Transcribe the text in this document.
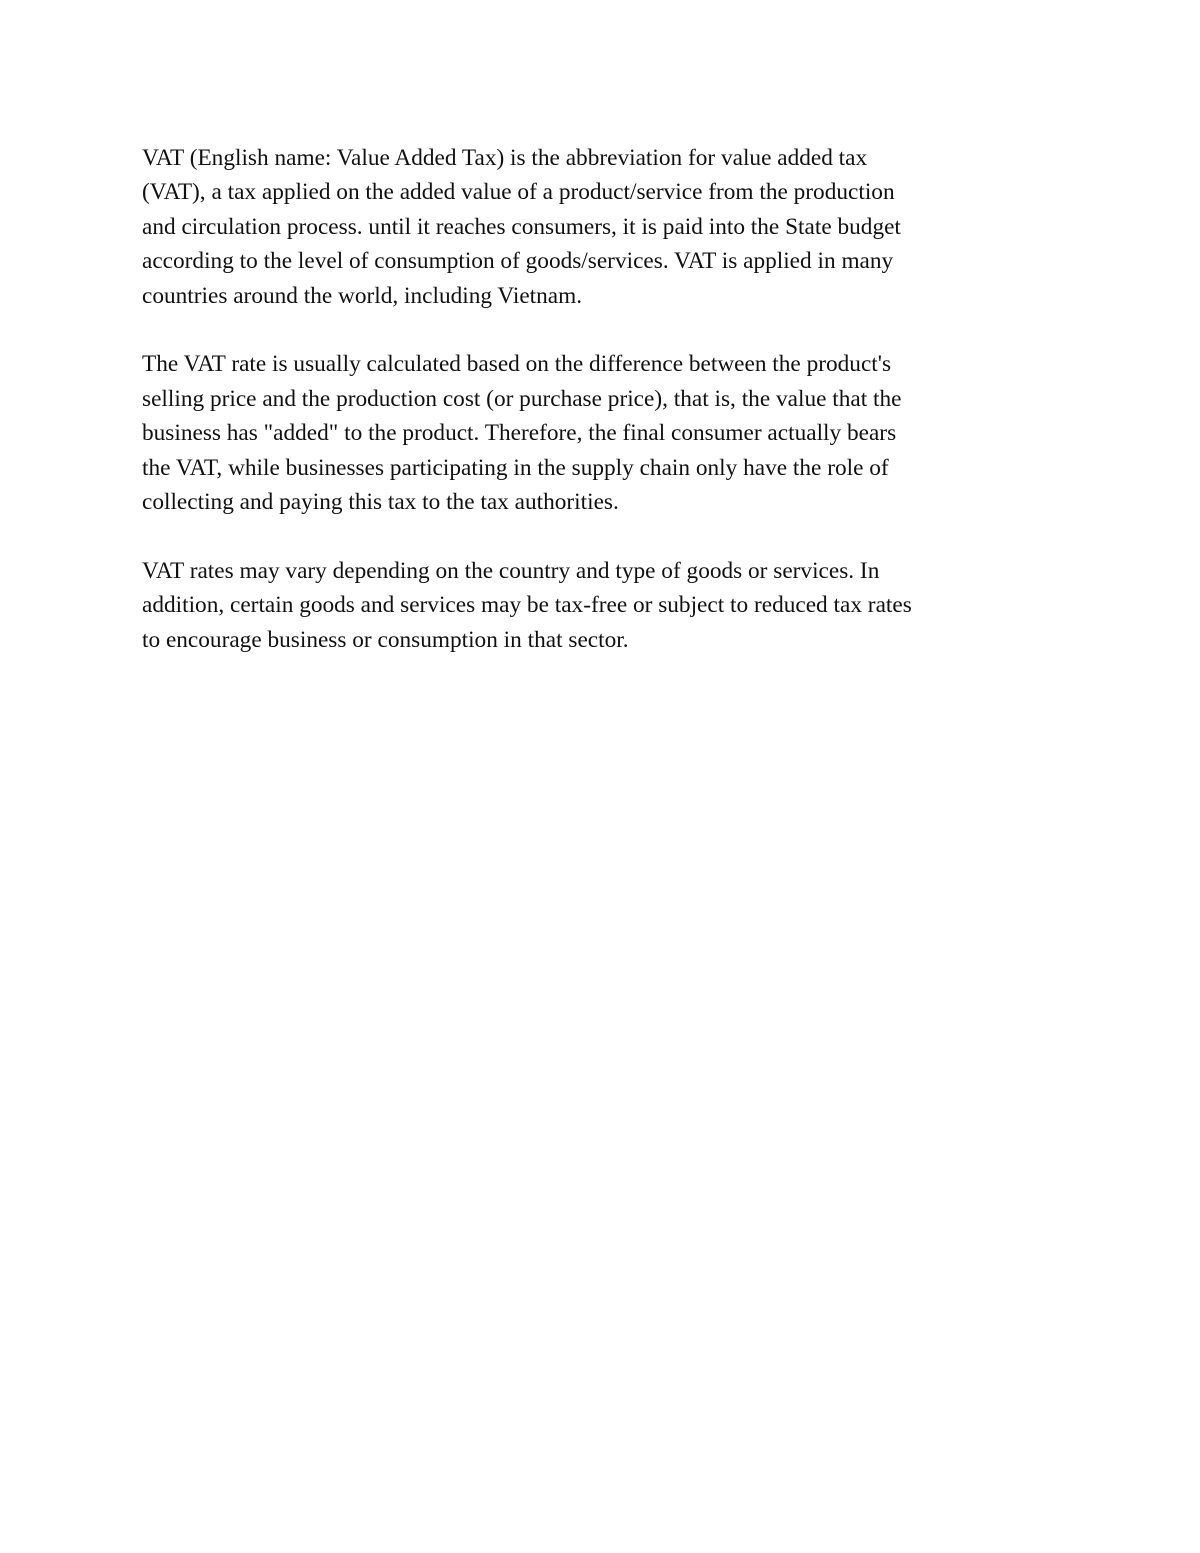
VAT (English name: Value Added Tax) is the abbreviation for value added tax
(VAT), a tax applied on the added value of a product/service from the production
and circulation process. until it reaches consumers, it is paid into the State budget
according to the level of consumption of goods/services. VAT is applied in many
countries around the world, including Vietnam.

The VAT rate is usually calculated based on the difference between the product's
selling price and the production cost (or purchase price), that is, the value that the
business has "added" to the product. Therefore, the final consumer actually bears
the VAT, while businesses participating in the supply chain only have the role of
collecting and paying this tax to the tax authorities.

VAT rates may vary depending on the country and type of goods or services. In
addition, certain goods and services may be tax-free or subject to reduced tax rates
to encourage business or consumption in that sector.
